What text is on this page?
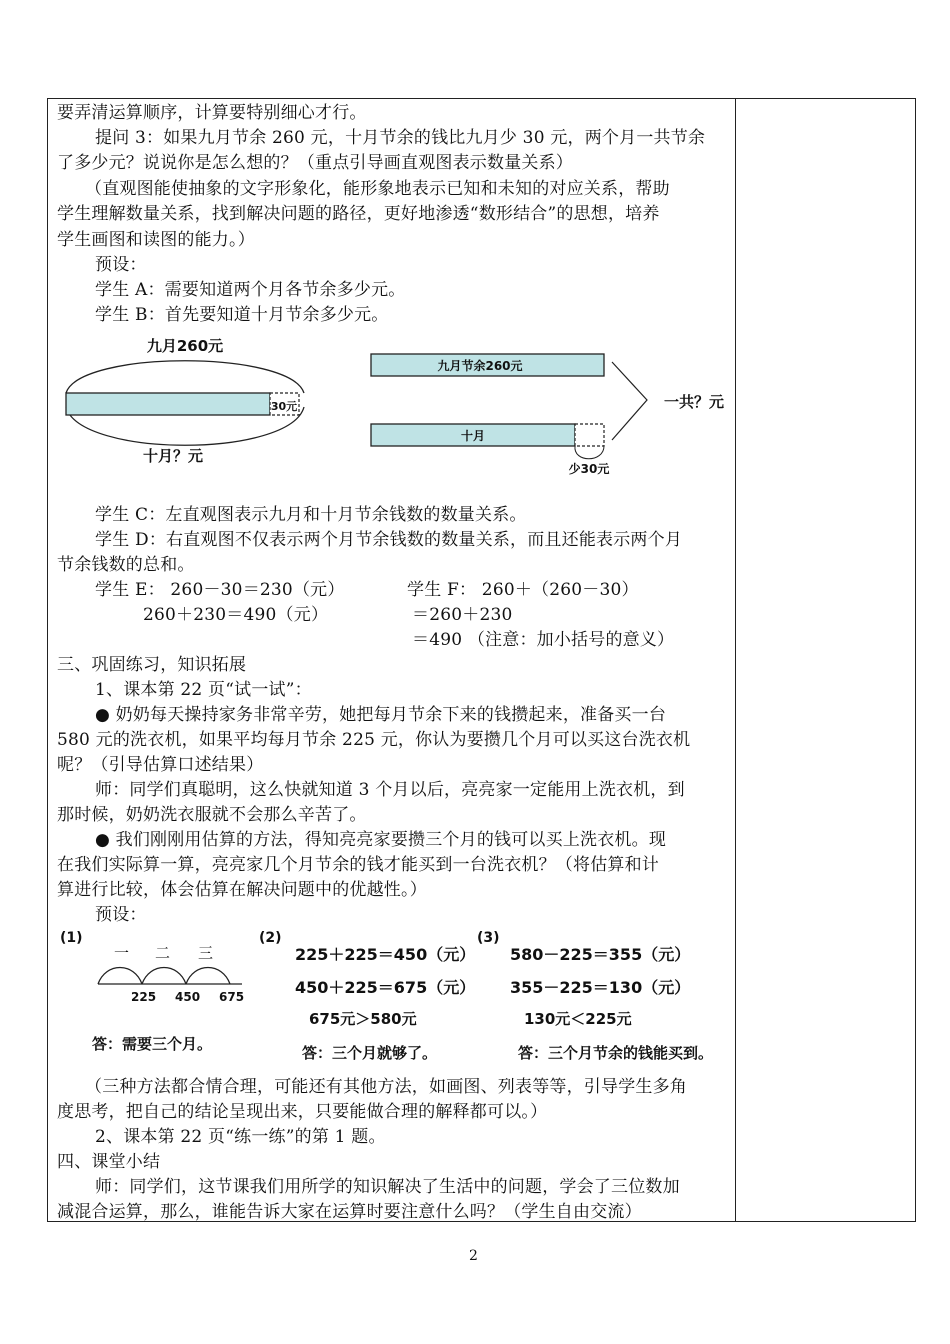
要弄清运算顺序，计算要特别细心才行。
提问 3：如果九月节余 260 元，十月节余的钱比九月少 30 元，两个月一共节余
了多少元？说说你是怎么想的？（重点引导画直观图表示数量关系）
（直观图能使抽象的文字形象化，能形象地表示已知和未知的对应关系，帮助
学生理解数量关系，找到解决问题的路径，更好地渗透“数形结合”的思想，培养
学生画图和读图的能力。）
预设：
学生 A：需要知道两个月各节余多少元。
学生 B：首先要知道十月节余多少元。
九月260元
30元
十月？元
九月节余260元
十月
少30元
一共？元
学生 C：左直观图表示九月和十月节余钱数的数量关系。
学生 D：右直观图不仅表示两个月节余钱数的数量关系，而且还能表示两个月
节余钱数的总和。
学生 E： 260－30＝230（元）	学生 F： 260＋（260－30）
260＋230＝490（元）	＝260＋230
＝490 （注意：加小括号的意义）
三、巩固练习，知识拓展
1、课本第 22 页“试一试”：
● 奶奶每天操持家务非常辛劳，她把每月节余下来的钱攒起来，准备买一台
580 元的洗衣机，如果平均每月节余 225 元，你认为要攒几个月可以买这台洗衣机
呢？（引导估算口述结果）
师：同学们真聪明，这么快就知道 3 个月以后，亮亮家一定能用上洗衣机，到
那时候，奶奶洗衣服就不会那么辛苦了。
● 我们刚刚用估算的方法，得知亮亮家要攒三个月的钱可以买上洗衣机。现
在我们实际算一算，亮亮家几个月节余的钱才能买到一台洗衣机？（将估算和计
算进行比较，体会估算在解决问题中的优越性。）
预设：
(1)
一 二 三
225 450 675
答：需要三个月。
(2)
225＋225＝450（元）
450＋225＝675（元）
675元＞580元
答：三个月就够了。
(3)
580－225＝355（元）
355－225＝130（元）
130元＜225元
答：三个月节余的钱能买到。
（三种方法都合情合理，可能还有其他方法，如画图、列表等等，引导学生多角
度思考，把自己的结论呈现出来，只要能做合理的解释都可以。）
2、课本第 22 页“练一练”的第 1 题。
四、课堂小结
师：同学们，这节课我们用所学的知识解决了生活中的问题，学会了三位数加
减混合运算，那么，谁能告诉大家在运算时要注意什么吗？（学生自由交流）
2
